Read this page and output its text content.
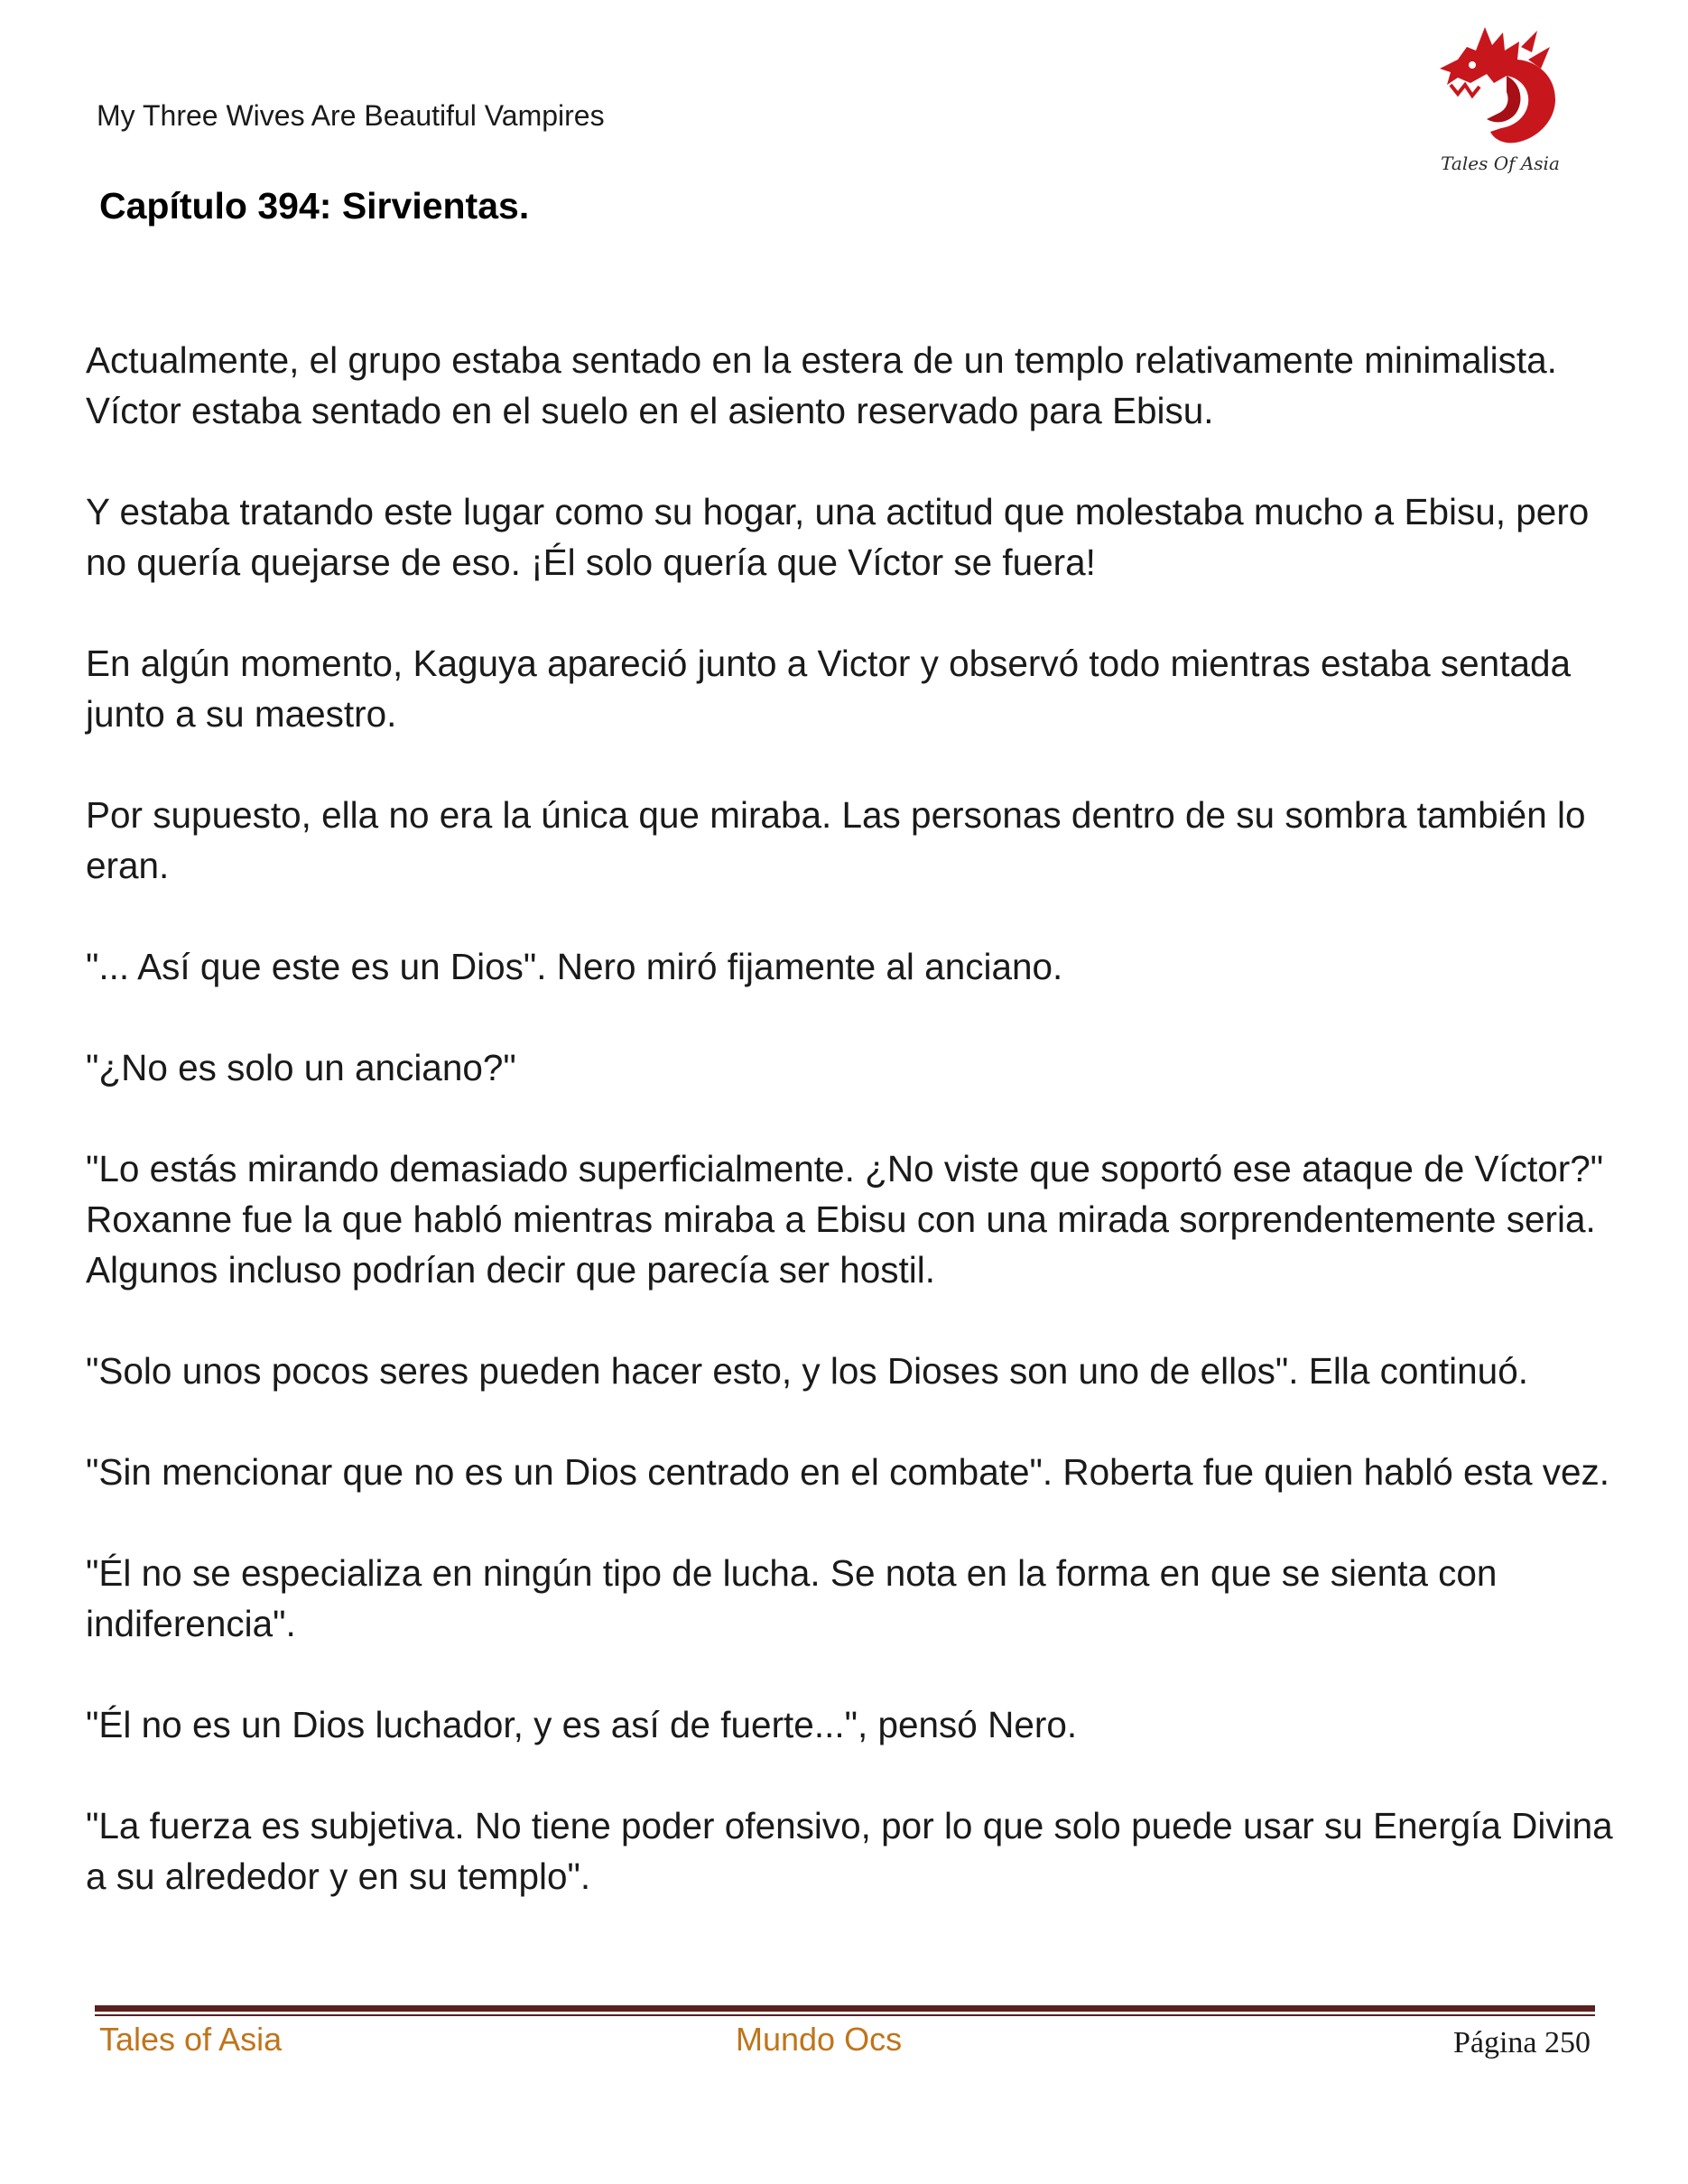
My Three Wives Are Beautiful Vampires
Capítulo 394: Sirvientas.
Tales Of Asia

Actualmente, el grupo estaba sentado en la estera de un templo relativamente minimalista. Víctor estaba sentado en el suelo en el asiento reservado para Ebisu.

Y estaba tratando este lugar como su hogar, una actitud que molestaba mucho a Ebisu, pero no quería quejarse de eso. ¡Él solo quería que Víctor se fuera!

En algún momento, Kaguya apareció junto a Victor y observó todo mientras estaba sentada junto a su maestro.

Por supuesto, ella no era la única que miraba. Las personas dentro de su sombra también lo eran.

"... Así que este es un Dios". Nero miró fijamente al anciano.

"¿No es solo un anciano?"

"Lo estás mirando demasiado superficialmente. ¿No viste que soportó ese ataque de Víctor?" Roxanne fue la que habló mientras miraba a Ebisu con una mirada sorprendentemente seria. Algunos incluso podrían decir que parecía ser hostil.

"Solo unos pocos seres pueden hacer esto, y los Dioses son uno de ellos". Ella continuó.

"Sin mencionar que no es un Dios centrado en el combate". Roberta fue quien habló esta vez.

"Él no se especializa en ningún tipo de lucha. Se nota en la forma en que se sienta con indiferencia".

"Él no es un Dios luchador, y es así de fuerte...", pensó Nero.

"La fuerza es subjetiva. No tiene poder ofensivo, por lo que solo puede usar su Energía Divina a su alrededor y en su templo".

Tales of Asia	Mundo Ocs	Página 250
